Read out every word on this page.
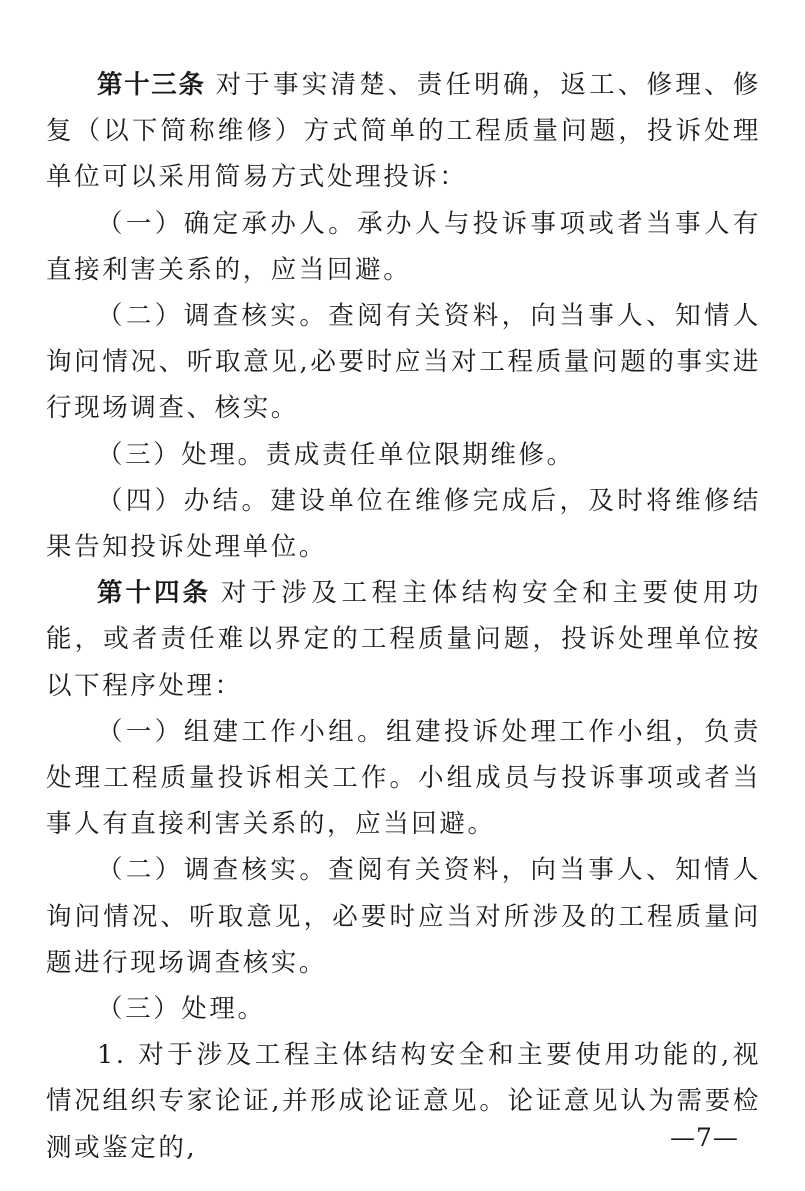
第十三条 对于事实清楚、责任明确，返工、修理、修复（以下简称维修）方式简单的工程质量问题，投诉处理单位可以采用简易方式处理投诉：

（一）确定承办人。承办人与投诉事项或者当事人有直接利害关系的，应当回避。

（二）调查核实。查阅有关资料，向当事人、知情人询问情况、听取意见,必要时应当对工程质量问题的事实进行现场调查、核实。

（三）处理。责成责任单位限期维修。

（四）办结。建设单位在维修完成后，及时将维修结果告知投诉处理单位。

第十四条 对于涉及工程主体结构安全和主要使用功能，或者责任难以界定的工程质量问题，投诉处理单位按以下程序处理：

（一）组建工作小组。组建投诉处理工作小组，负责处理工程质量投诉相关工作。小组成员与投诉事项或者当事人有直接利害关系的，应当回避。

（二）调查核实。查阅有关资料，向当事人、知情人询问情况、听取意见，必要时应当对所涉及的工程质量问题进行现场调查核实。

（三）处理。

1. 对于涉及工程主体结构安全和主要使用功能的,视情况组织专家论证,并形成论证意见。论证意见认为需要检测或鉴定的,	—7—
